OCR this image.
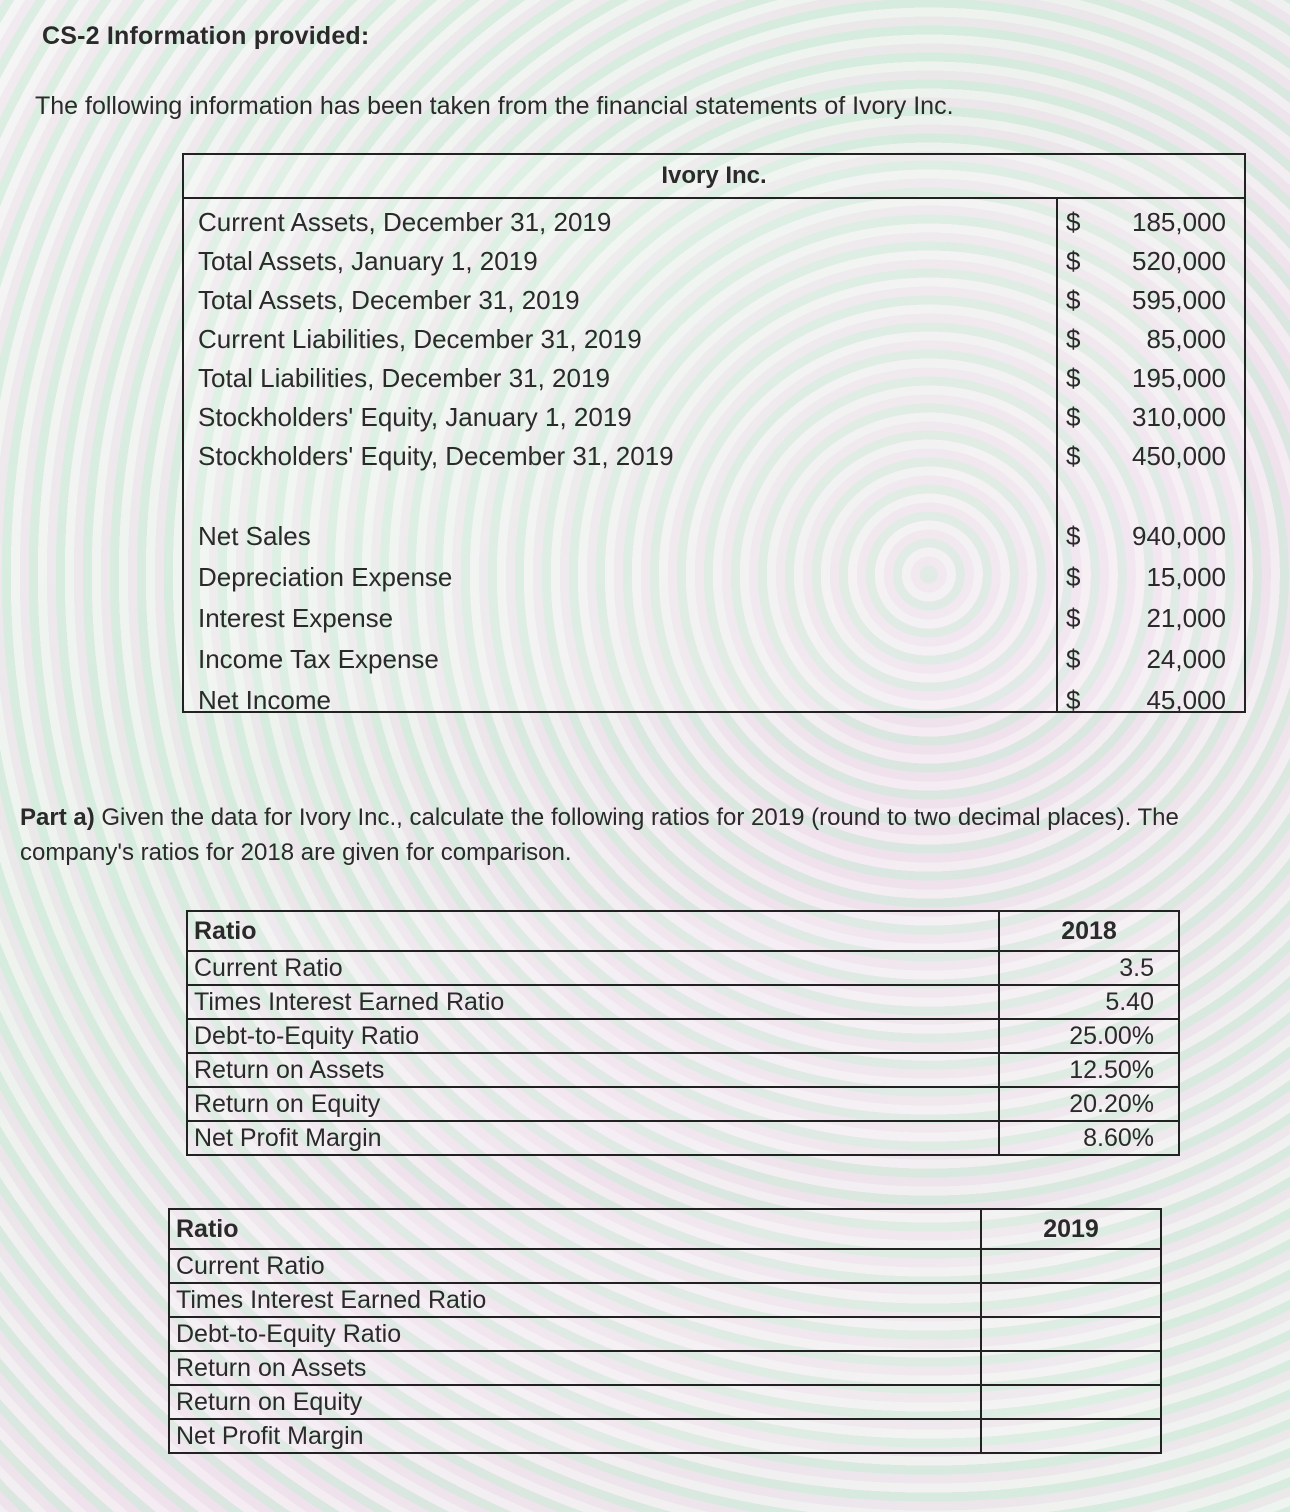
CS-2 Information provided:
The following information has been taken from the financial statements of Ivory Inc.
Ivory Inc.
Current Assets, December 31, 2019	$ 185,000
Total Assets, January 1, 2019	$ 520,000
Total Assets, December 31, 2019	$ 595,000
Current Liabilities, December 31, 2019	$	85,000
Total Liabilities, December 31, 2019	$ 195,000
Stockholders' Equity, January 1, 2019	$ 310,000
Stockholders' Equity, December 31, 2019	$ 450,000
Net Sales	$ 940,000
Depreciation Expense	$	15,000
Interest Expense	$	21,000
Income Tax Expense	$	24,000
Net Income	$	45,000
Part a) Given the data for Ivory Inc., calculate the following ratios for 2019 (round to two decimal places). The company's ratios for 2018 are given for comparison.
Ratio	2018
Current Ratio	3.5
Times Interest Earned Ratio	5.40
Debt-to-Equity Ratio	25.00%
Return on Assets	12.50%
Return on Equity	20.20%
Net Profit Margin	8.60%
Ratio	2019
Current Ratio	
Times Interest Earned Ratio	
Debt-to-Equity Ratio	
Return on Assets	
Return on Equity	
Net Profit Margin	
